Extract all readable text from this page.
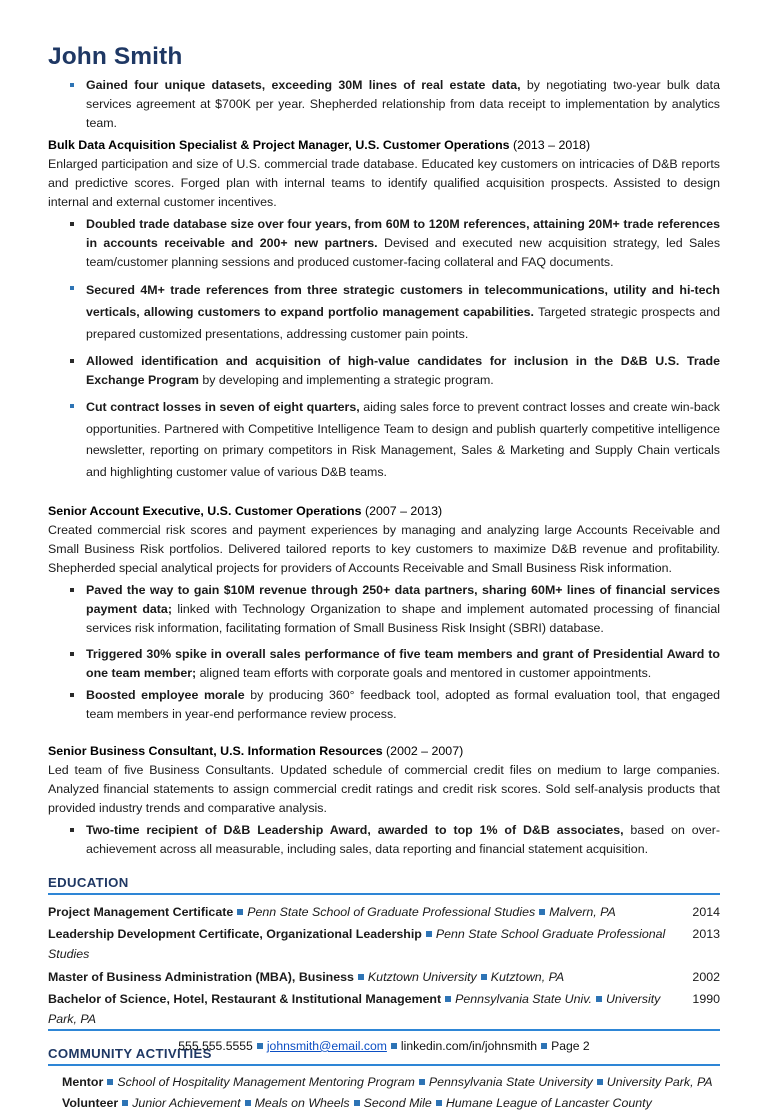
John Smith
Gained four unique datasets, exceeding 30M lines of real estate data, by negotiating two-year bulk data services agreement at $700K per year. Shepherded relationship from data receipt to implementation by analytics team.
Bulk Data Acquisition Specialist & Project Manager, U.S. Customer Operations (2013 – 2018)

Enlarged participation and size of U.S. commercial trade database. Educated key customers on intricacies of D&B reports and predictive scores. Forged plan with internal teams to identify qualified acquisition prospects. Assisted to design internal and external customer incentives.

Doubled trade database size over four years, from 60M to 120M references, attaining 20M+ trade references in accounts receivable and 200+ new partners. Devised and executed new acquisition strategy, led Sales team/customer planning sessions and produced customer-facing collateral and FAQ documents.
Secured 4M+ trade references from three strategic customers in telecommunications, utility and hi-tech verticals, allowing customers to expand portfolio management capabilities. Targeted strategic prospects and prepared customized presentations, addressing customer pain points.
Allowed identification and acquisition of high-value candidates for inclusion in the D&B U.S. Trade Exchange Program by developing and implementing a strategic program.
Cut contract losses in seven of eight quarters, aiding sales force to prevent contract losses and create win-back opportunities. Partnered with Competitive Intelligence Team to design and publish quarterly competitive intelligence newsletter, reporting on primary competitors in Risk Management, Sales & Marketing and Supply Chain verticals and highlighting customer value of various D&B teams.
Senior Account Executive, U.S. Customer Operations (2007 – 2013)

Created commercial risk scores and payment experiences by managing and analyzing large Accounts Receivable and Small Business Risk portfolios. Delivered tailored reports to key customers to maximize D&B revenue and profitability. Shepherded special analytical projects for providers of Accounts Receivable and Small Business Risk information.

Paved the way to gain $10M revenue through 250+ data partners, sharing 60M+ lines of financial services payment data; linked with Technology Organization to shape and implement automated processing of financial services risk information, facilitating formation of Small Business Risk Insight (SBRI) database.
Triggered 30% spike in overall sales performance of five team members and grant of Presidential Award to one team member; aligned team efforts with corporate goals and mentored in customer appointments.
Boosted employee morale by producing 360° feedback tool, adopted as formal evaluation tool, that engaged team members in year-end performance review process.
Senior Business Consultant, U.S. Information Resources (2002 – 2007)

Led team of five Business Consultants. Updated schedule of commercial credit files on medium to large companies. Analyzed financial statements to assign commercial credit ratings and credit risk scores. Sold self-analysis products that provided industry trends and comparative analysis.

Two-time recipient of D&B Leadership Award, awarded to top 1% of D&B associates, based on over-achievement across all measurable, including sales, data reporting and financial statement acquisition.
EDUCATION
Project Management Certificate Penn State School of Graduate Professional Studies Malvern, PA	2014
Leadership Development Certificate, Organizational Leadership Penn State School Graduate Professional Studies
2013
Master of Business Administration (MBA), Business Kutztown University Kutztown, PA	2002
Bachelor of Science, Hotel, Restaurant & Institutional Management Pennsylvania State Univ. University Park, PA
1990
COMMUNITY ACTIVITIES
Mentor School of Hospitality Management Mentoring Program Pennsylvania State University University Park, PA
Volunteer Junior Achievement Meals on Wheels Second Mile Humane League of Lancaster County
555.555.5555 johnsmith@email.com linkedin.com/in/johnsmith Page 2
